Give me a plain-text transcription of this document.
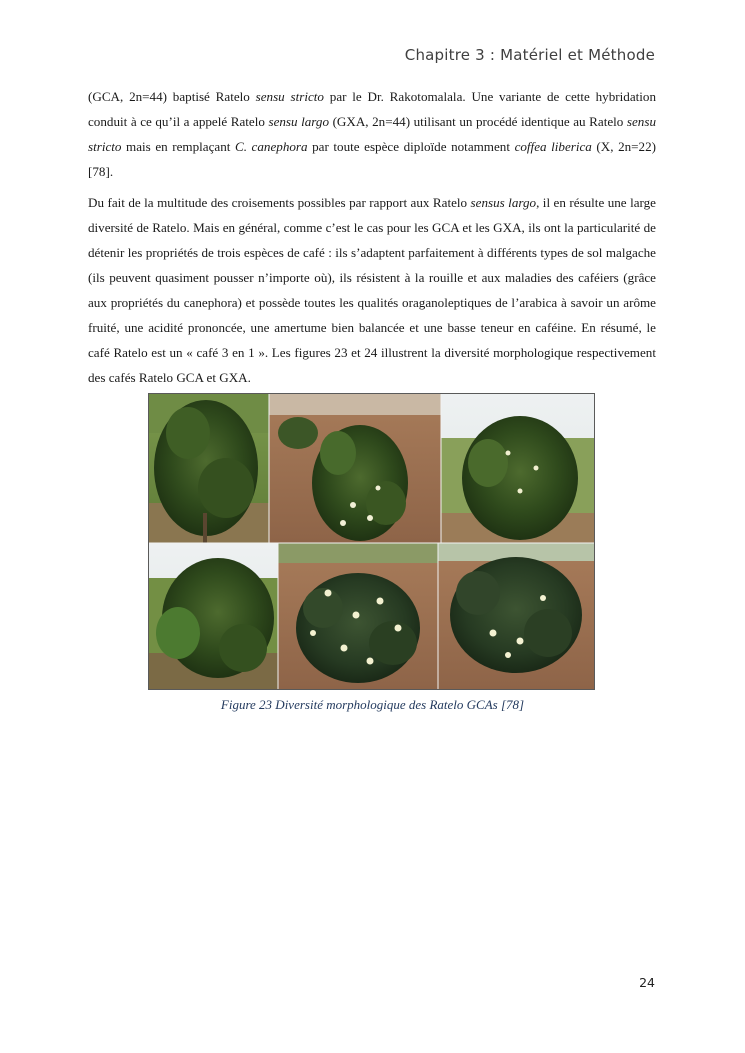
Chapitre 3 : Matériel et Méthode

(GCA, 2n=44) baptisé Ratelo sensu stricto par le Dr. Rakotomalala. Une variante de cette hybridation conduit à ce qu’il a appelé Ratelo sensu largo (GXA, 2n=44) utilisant un procédé identique au Ratelo sensu stricto mais en remplaçant C. canephora par toute espèce diploïde notamment coffea liberica (X, 2n=22) [78].

Du fait de la multitude des croisements possibles par rapport aux Ratelo sensus largo, il en résulte une large diversité de Ratelo. Mais en général, comme c’est le cas pour les GCA et les GXA, ils ont la particularité de détenir les propriétés de trois espèces de café : ils s’adaptent parfaitement à différents types de sol malgache (ils peuvent quasiment pousser n’importe où), ils résistent à la rouille et aux maladies des caféiers (grâce aux propriétés du canephora) et possède toutes les qualités oraganoleptiques de l’arabica à savoir un arôme fruité, une acidité prononcée, une amertume bien balancée et une basse teneur en caféine. En résumé, le café Ratelo est un « café 3 en 1 ». Les figures 23 et 24 illustrent la diversité morphologique respectivement des cafés Ratelo GCA et GXA.

Figure 23 Diversité morphologique des Ratelo GCAs [78]
24
